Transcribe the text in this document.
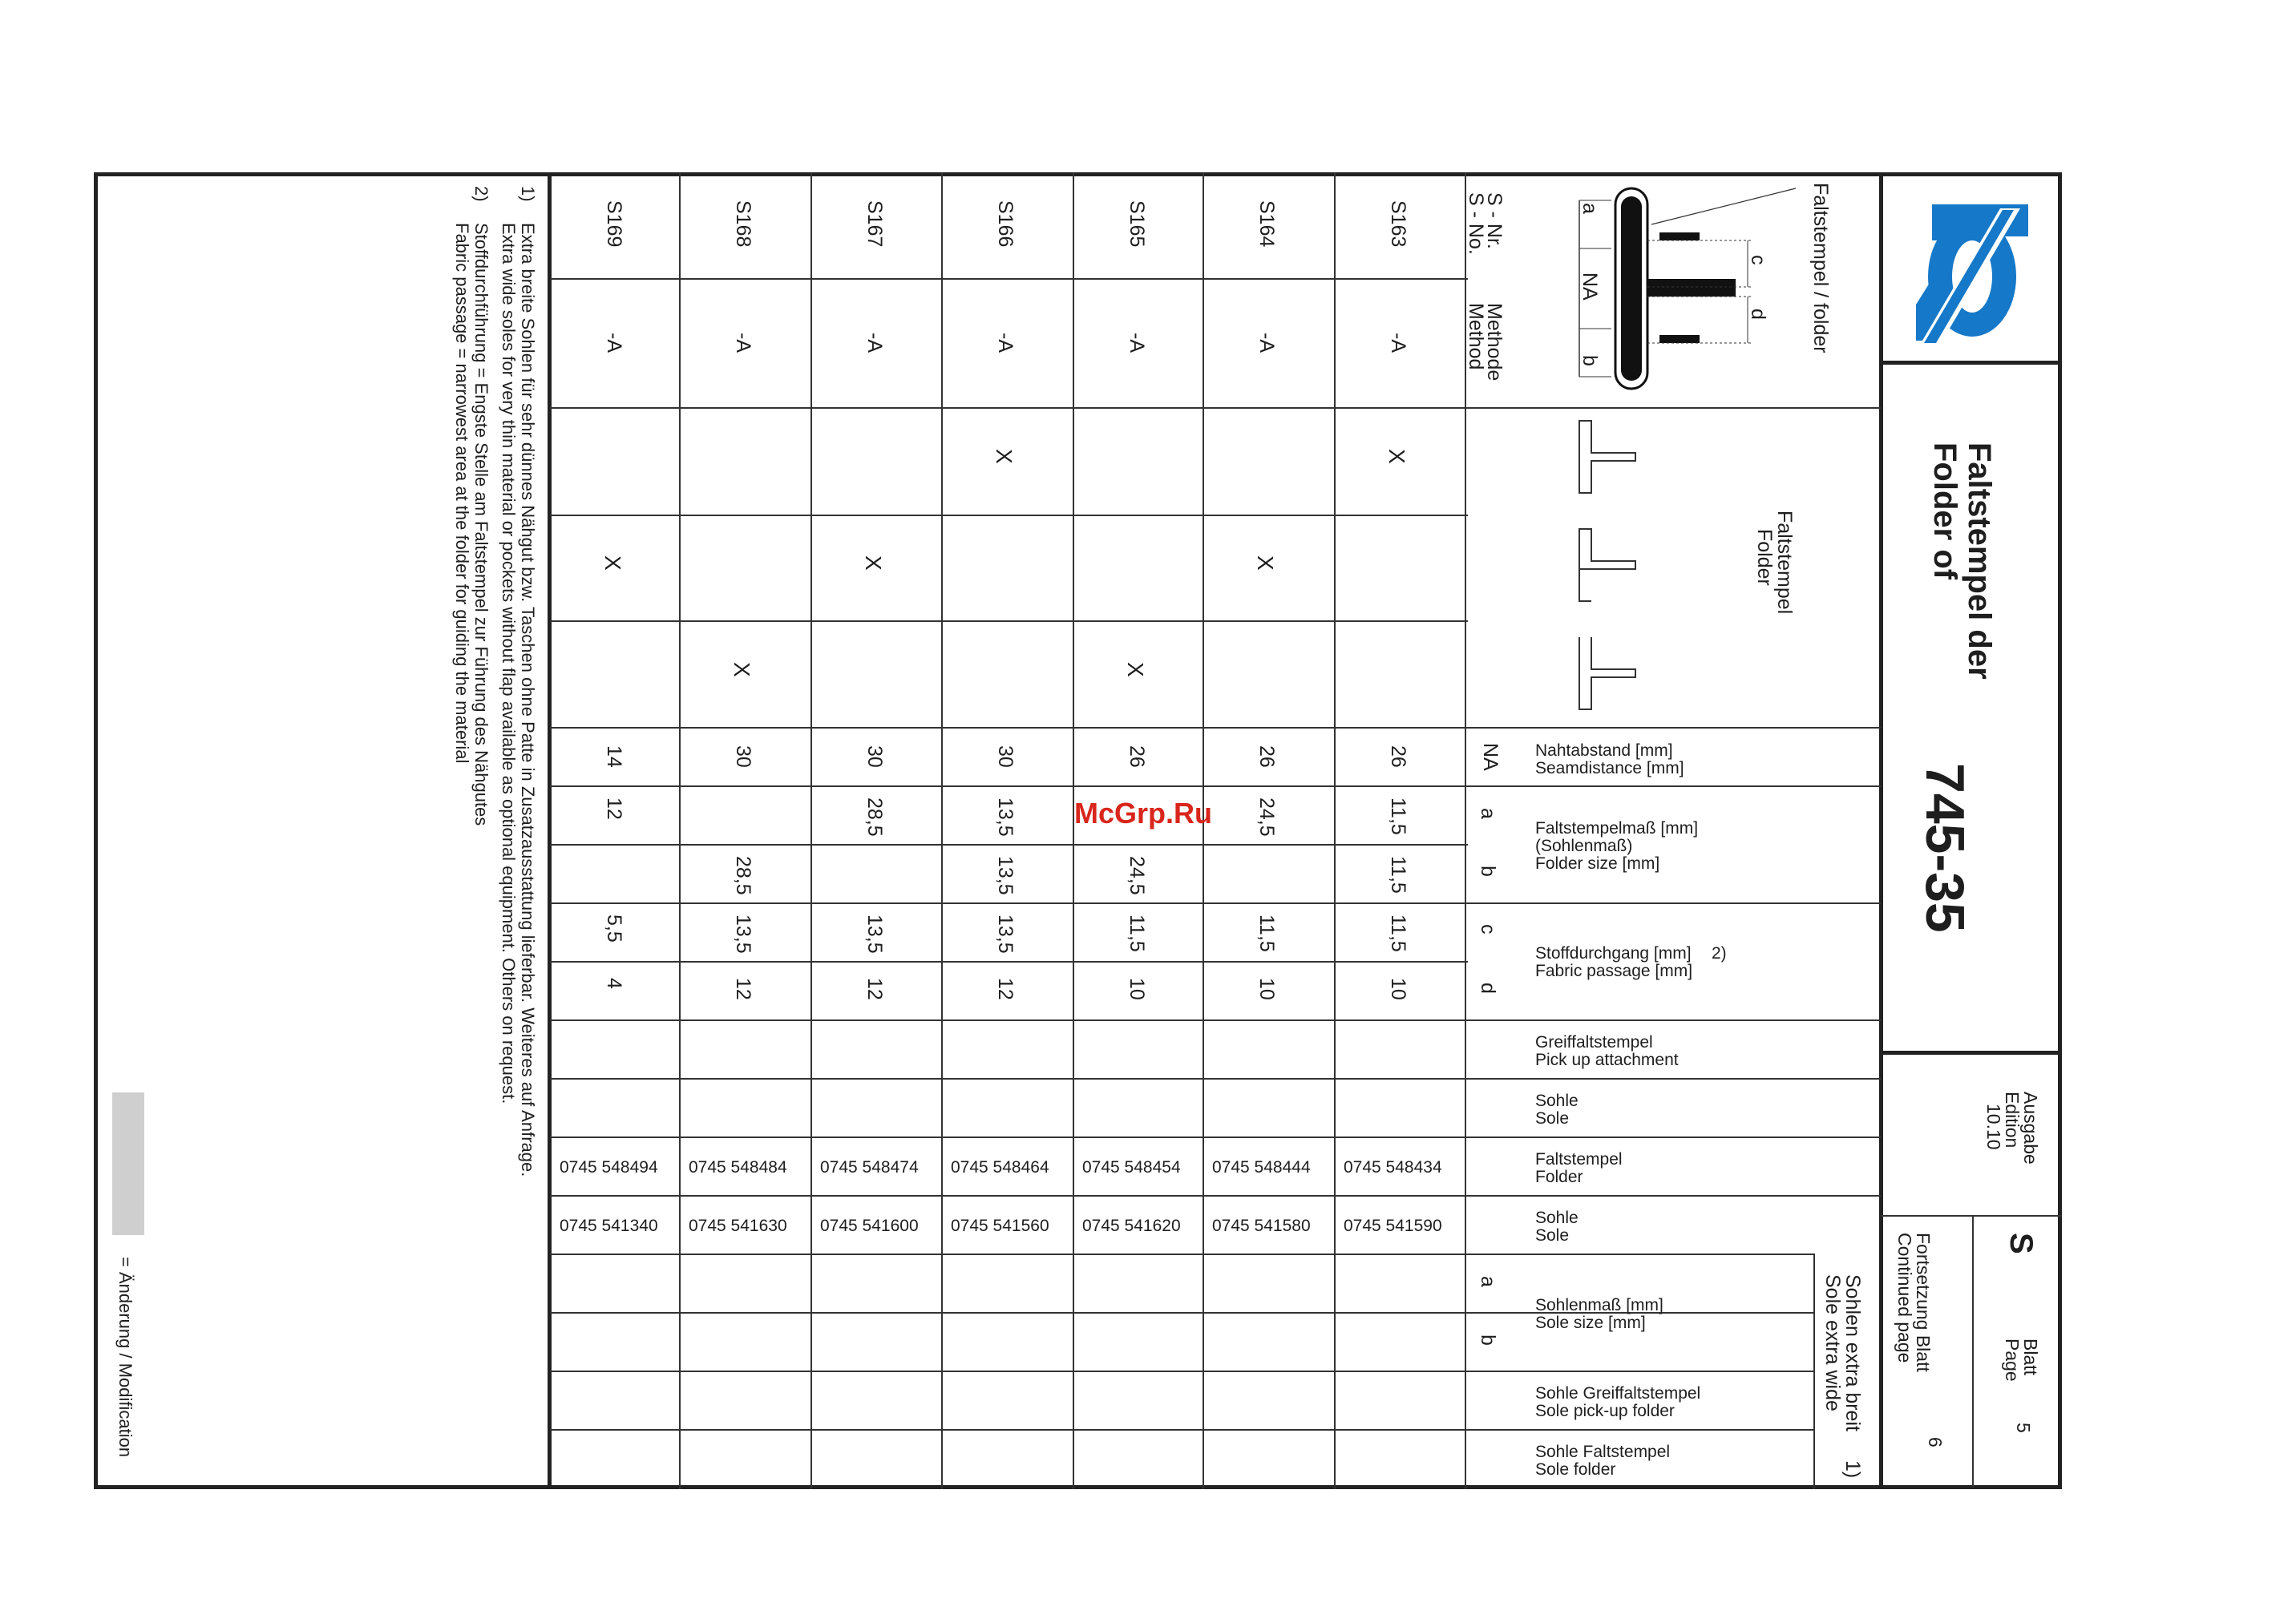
Faltstempel der
Folder of
745-35
Ausgabe
Edition
10.10
S
Blatt
Page
5
Fortsetzung Blatt
Continued page
6
Faltstempel / folder
a
b
c
d
NA
Faltstempel
Folder
S - Nr.
S - No.
Methode
Method
Nahtabstand [mm]
Seamdistance [mm]
NA
Faltstempelmaß [mm]
(Sohlenmaß)
Folder size [mm]
a
b
Stoffdurchgang [mm] 2)
Fabric passage [mm]
c
d
Greiffaltstempel
Pick up attachment
Sohle
Sole
Faltstempel
Folder
Sohle
Sole
Sohlen extra breit
Sole extra wide
1)
a
b
Sohlenmaß [mm]
Sole size [mm]
Sohle Greiffaltstempel
Sole pick-up folder
Sohle Faltstempel
Sole folder
S163
-A
X
26
11,5
11,5
11,5
10
0745 548434
0745 541590
S164
-A
X
26
24,5
11,5
10
0745 548444
0745 541580
S165
-A
X
26
24,5
11,5
10
0745 548454
0745 541620
S166
-A
X
30
13,5
13,5
13,5
12
0745 548464
0745 541560
S167
-A
X
30
28,5
13,5
12
0745 548474
0745 541600
S168
-A
X
30
28,5
13,5
12
0745 548484
0745 541630
S169
-A
X
14
12
5,5
4
0745 548494
0745 541340
1)
Extra breite Sohlen für sehr dünnes Nähgut bzw. Taschen ohne Patte in Zusatzausstattung lieferbar. Weiteres auf Anfrage.
Extra wide soles for very thin material or pockets without flap available as optional equipment. Others on request.
2)
Stoffdurchführung = Engste Stelle am Faltstempel zur Führung des Nähgutes
Fabric passage = narrowest area at the folder for guiding the material
= Änderung / Modification
McGrp.Ru
